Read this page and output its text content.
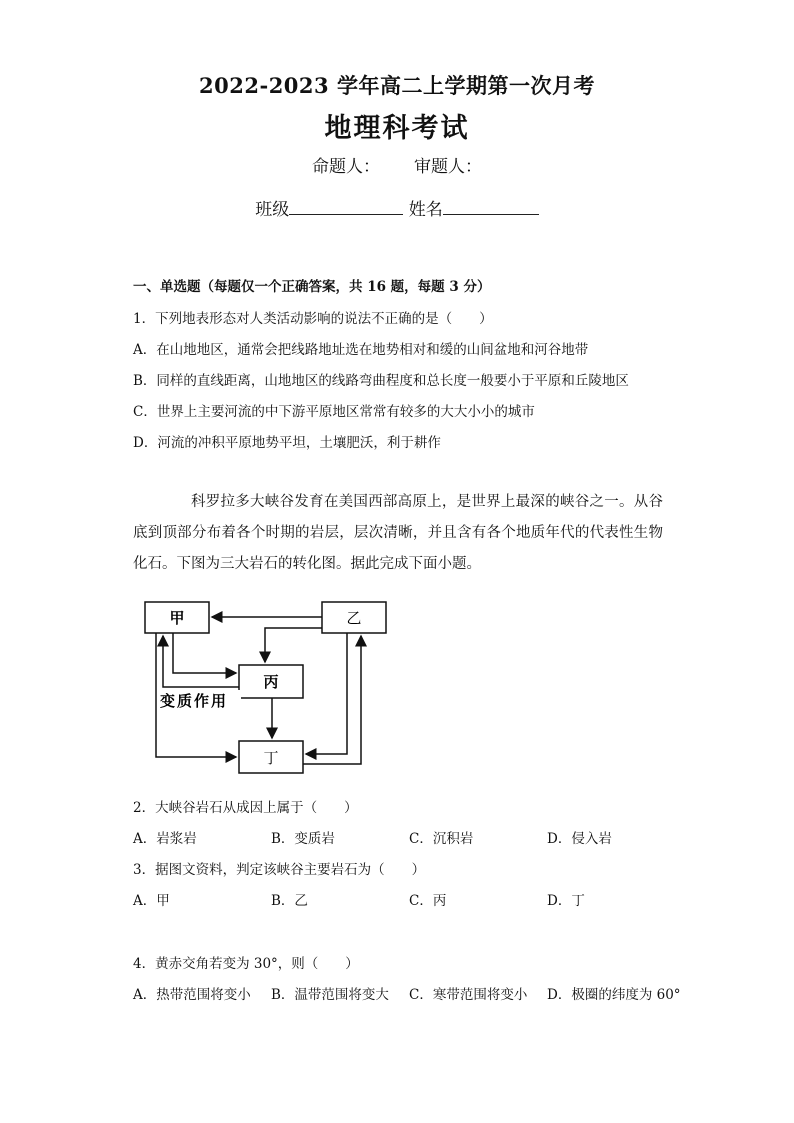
2022-2023 学年高二上学期第一次月考
地理科考试
命题人： 审题人：
班级	姓名
一、单选题（每题仅一个正确答案，共 16 题，每题 3 分）
1．下列地表形态对人类活动影响的说法不正确的是（　　）
A．在山地地区，通常会把线路地址选在地势相对和缓的山间盆地和河谷地带
B．同样的直线距离，山地地区的线路弯曲程度和总长度一般要小于平原和丘陵地区
C．世界上主要河流的中下游平原地区常常有较多的大大小小的城市
D．河流的冲积平原地势平坦，土壤肥沃，利于耕作
科罗拉多大峡谷发育在美国西部高原上，是世界上最深的峡谷之一。从谷底到顶部分布着各个时期的岩层，层次清晰，并且含有各个地质年代的代表性生物化石。下图为三大岩石的转化图。据此完成下面小题。
甲	乙
丙
丁
变质作用
2．大峡谷岩石从成因上属于（　　）
A．岩浆岩	B．变质岩	C．沉积岩	D．侵入岩
3．据图文资料，判定该峡谷主要岩石为（　　）
A．甲	B．乙	C．丙	D．丁
4．黄赤交角若变为 30°，则（　　）
A．热带范围将变小 B．温带范围将变大 C．寒带范围将变小 D．极圈的纬度为 60°
